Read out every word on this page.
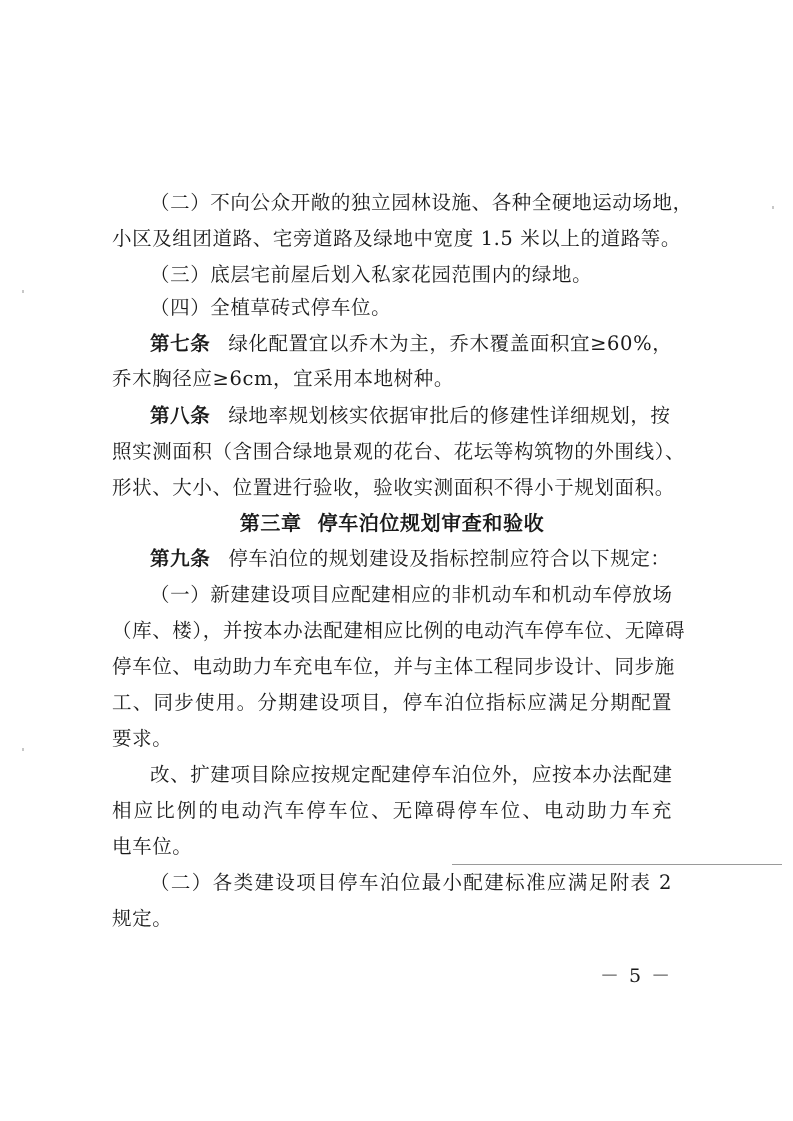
（二）不向公众开敞的独立园林设施、各种全硬地运动场地，
小区及组团道路、宅旁道路及绿地中宽度 1.5 米以上的道路等。
（三）底层宅前屋后划入私家花园范围内的绿地。
（四）全植草砖式停车位。
第七条 绿化配置宜以乔木为主，乔木覆盖面积宜≥60%，
乔木胸径应≥6cm，宜采用本地树种。
第八条 绿地率规划核实依据审批后的修建性详细规划，按
照实测面积（含围合绿地景观的花台、花坛等构筑物的外围线）、
形状、大小、位置进行验收，验收实测面积不得小于规划面积。
第三章 停车泊位规划审查和验收
第九条 停车泊位的规划建设及指标控制应符合以下规定：
（一）新建建设项目应配建相应的非机动车和机动车停放场
（库、楼），并按本办法配建相应比例的电动汽车停车位、无障碍
停车位、电动助力车充电车位，并与主体工程同步设计、同步施
工、同步使用。分期建设项目，停车泊位指标应满足分期配置
要求。
改、扩建项目除应按规定配建停车泊位外，应按本办法配建
相应比例的电动汽车停车位、无障碍停车位、电动助力车充
电车位。
（二）各类建设项目停车泊位最小配建标准应满足附表 2
规定。
－ 5 －
